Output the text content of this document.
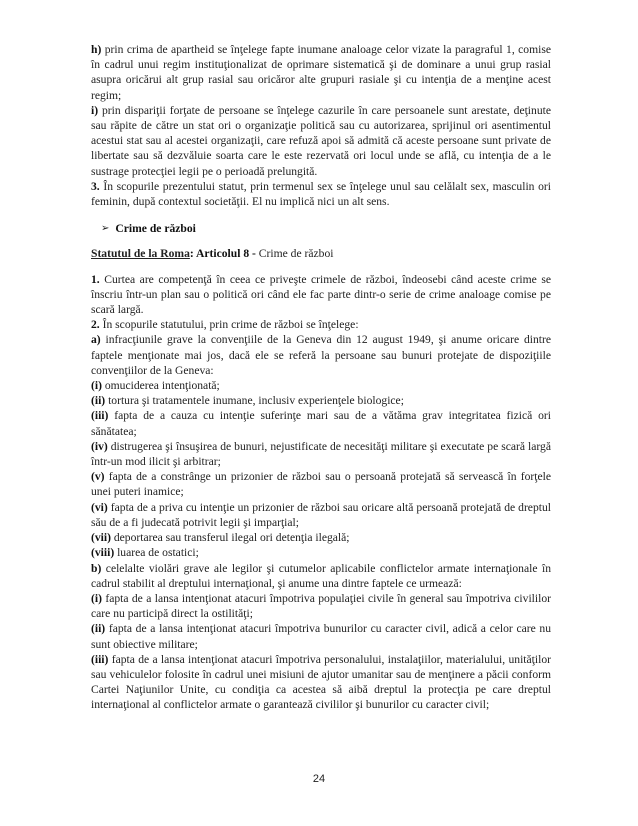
h) prin crima de apartheid se înţelege fapte inumane analoage celor vizate la paragraful 1, comise în cadrul unui regim instituţionalizat de oprimare sistematică şi de dominare a unui grup rasial asupra oricărui alt grup rasial sau oricăror alte grupuri rasiale şi cu intenţia de a menţine acest regim;

i) prin dispariţii forţate de persoane se înţelege cazurile în care persoanele sunt arestate, deţinute sau răpite de către un stat ori o organizaţie politică sau cu autorizarea, sprijinul ori asentimentul acestui stat sau al acestei organizaţii, care refuză apoi să admită că aceste persoane sunt private de libertate sau să dezvăluie soarta care le este rezervată ori locul unde se află, cu intenţia de a le sustrage protecţiei legii pe o perioadă prelungită.

3. În scopurile prezentului statut, prin termenul sex se înţelege unul sau celălalt sex, masculin ori feminin, după contextul societăţii. El nu implică nici un alt sens.

➢ Crime de război

Statutul de la Roma: Articolul 8 - Crime de război

1. Curtea are competenţă în ceea ce priveşte crimele de război, îndeosebi când aceste crime se înscriu într-un plan sau o politică ori când ele fac parte dintr-o serie de crime analoage comise pe scară largă.

2. În scopurile statutului, prin crime de război se înţelege:

a) infracţiunile grave la convenţiile de la Geneva din 12 august 1949, şi anume oricare dintre faptele menţionate mai jos, dacă ele se referă la persoane sau bunuri protejate de dispoziţiile convenţiilor de la Geneva:

(i) omuciderea intenţionată;

(ii) tortura şi tratamentele inumane, inclusiv experienţele biologice;

(iii) fapta de a cauza cu intenţie suferinţe mari sau de a vătăma grav integritatea fizică ori sănătatea;

(iv) distrugerea şi însuşirea de bunuri, nejustificate de necesităţi militare şi executate pe scară largă într-un mod ilicit şi arbitrar;

(v) fapta de a constrânge un prizonier de război sau o persoană protejată să servească în forţele unei puteri inamice;

(vi) fapta de a priva cu intenţie un prizonier de război sau oricare altă persoană protejată de dreptul său de a fi judecată potrivit legii şi imparţial;

(vii) deportarea sau transferul ilegal ori detenţia ilegală;

(viii) luarea de ostatici;

b) celelalte violări grave ale legilor şi cutumelor aplicabile conflictelor armate internaţionale în cadrul stabilit al dreptului internaţional, şi anume una dintre faptele ce urmează:

(i) fapta de a lansa intenţionat atacuri împotriva populaţiei civile în general sau împotriva civililor care nu participă direct la ostilităţi;

(ii) fapta de a lansa intenţionat atacuri împotriva bunurilor cu caracter civil, adică a celor care nu sunt obiective militare;

(iii) fapta de a lansa intenţionat atacuri împotriva personalului, instalaţiilor, materialului, unităţilor sau vehiculelor folosite în cadrul unei misiuni de ajutor umanitar sau de menţinere a păcii conform Cartei Naţiunilor Unite, cu condiţia ca acestea să aibă dreptul la protecţia pe care dreptul internaţional al conflictelor armate o garantează civililor şi bunurilor cu caracter civil;

24
